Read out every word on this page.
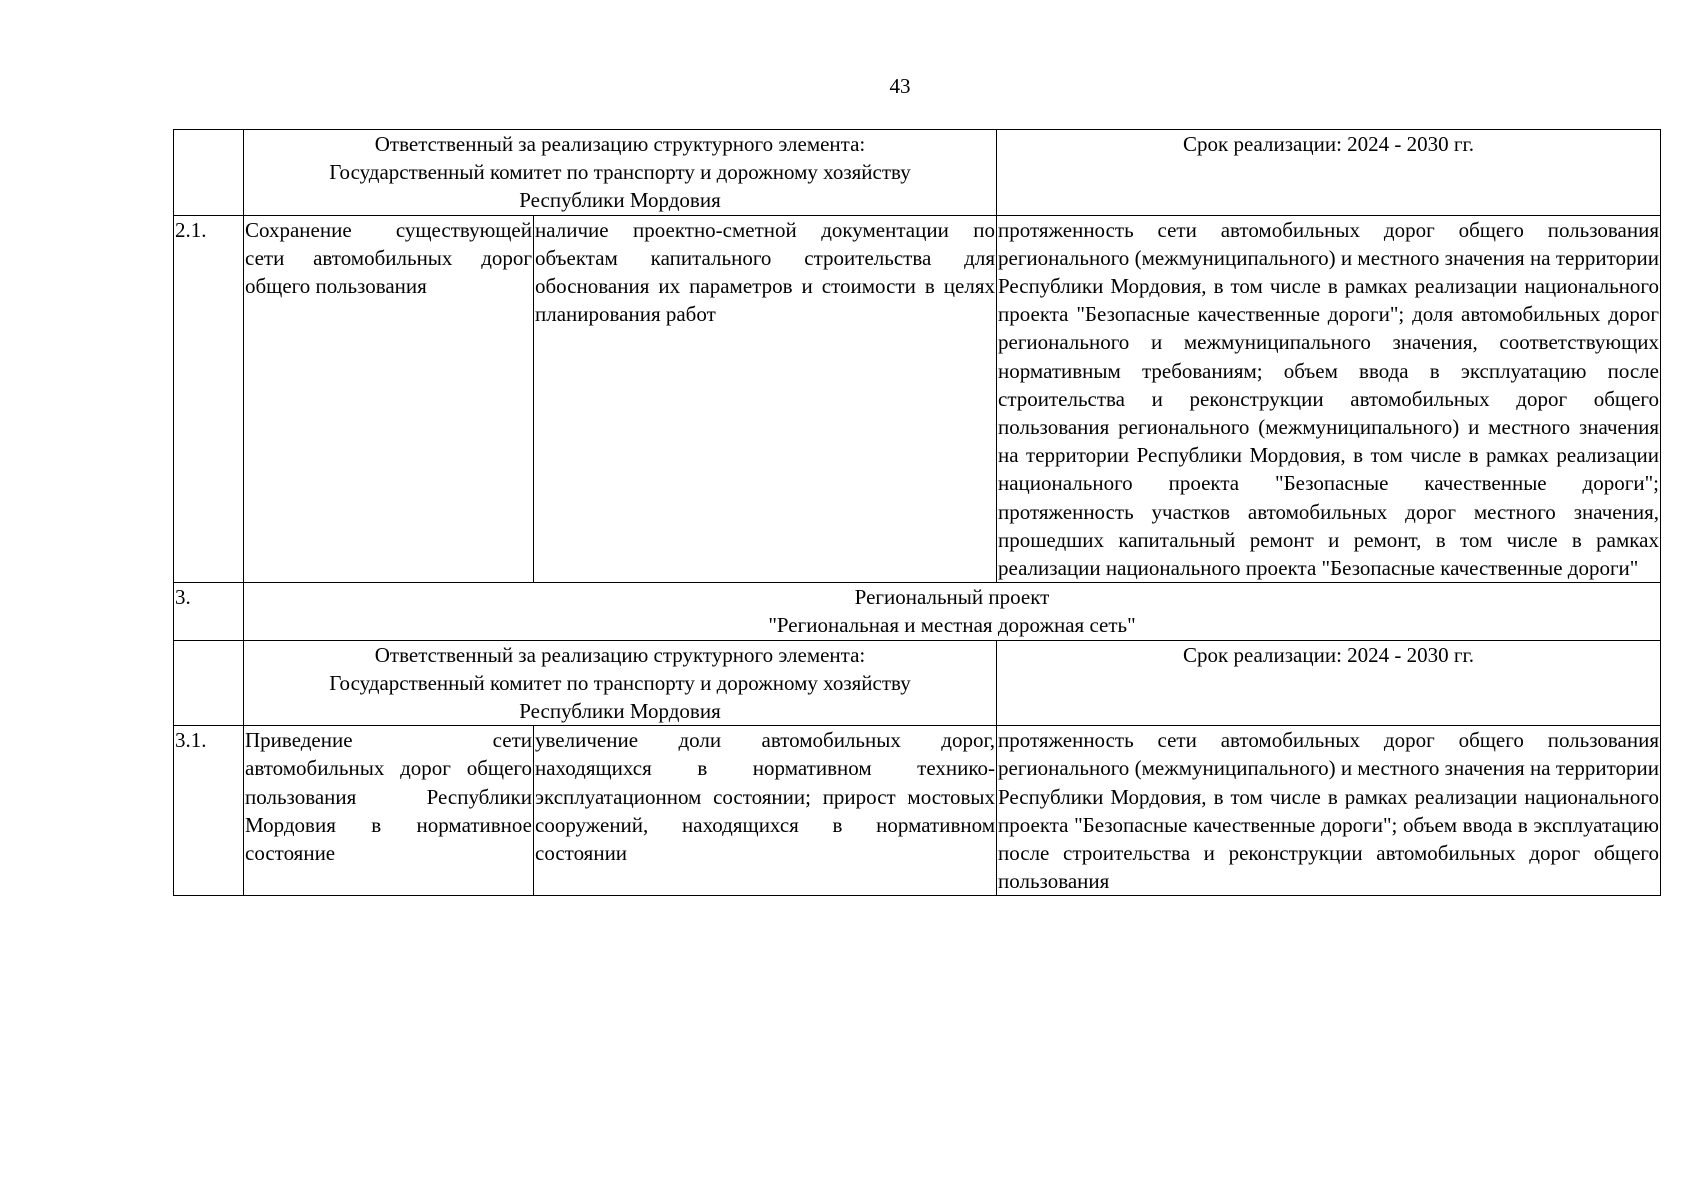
43

	Ответственный за реализацию структурного элемента:
Государственный комитет по транспорту и дорожному хозяйству
Республики Мордовия		Срок реализации: 2024 - 2030 гг.
2.1.	Сохранение существующей сети автомобильных дорог общего пользования	наличие проектно-сметной документации по объектам капитального строительства для обоснования их параметров и стоимости в целях планирования работ	протяженность сети автомобильных дорог общего пользования регионального (межмуниципального) и местного значения на территории Республики Мордовия, в том числе в рамках реализации национального проекта "Безопасные качественные дороги"; доля автомобильных дорог регионального и межмуниципального значения, соответствующих нормативным требованиям; объем ввода в эксплуатацию после строительства и реконструкции автомобильных дорог общего пользования регионального (межмуниципального) и местного значения на территории Республики Мордовия, в том числе в рамках реализации национального проекта "Безопасные качественные дороги"; протяженность участков автомобильных дорог местного значения, прошедших капитальный ремонт и ремонт, в том числе в рамках реализации национального проекта "Безопасные качественные дороги"
3.	Региональный проект
"Региональная и местная дорожная сеть"		

	Ответственный за реализацию структурного элемента:
Государственный комитет по транспорту и дорожному хозяйству
Республики Мордовия		Срок реализации: 2024 - 2030 гг.
3.1.	Приведение сети автомобильных дорог общего пользования Республики Мордовия в нормативное состояние	увеличение доли автомобильных дорог, находящихся в нормативном технико-эксплуатационном состоянии; прирост мостовых сооружений, находящихся в нормативном состоянии	протяженность сети автомобильных дорог общего пользования регионального (межмуниципального) и местного значения на территории Республики Мордовия, в том числе в рамках реализации национального проекта "Безопасные качественные дороги"; объем ввода в эксплуатацию после строительства и реконструкции автомобильных дорог общего пользования
